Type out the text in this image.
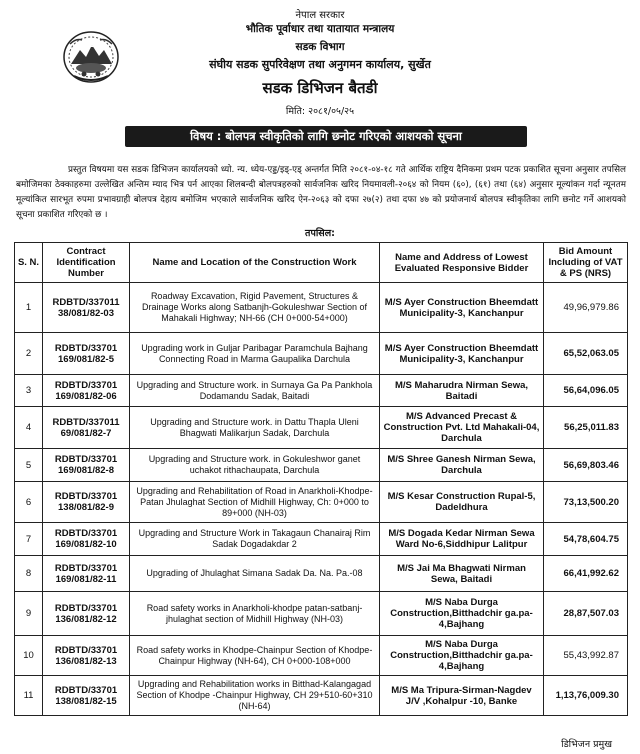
नेपाल सरकार
भौतिक पूर्वाधार तथा यातायात मन्त्रालय
सडक विभाग
संघीय सडक सुपरिवेक्षण तथा अनुगमन कार्यालय, सुर्खेत
सडक डिभिजन बैतडी
मिति: २०८१/०५/२५
विषय : बोलपत्र स्वीकृतिको लागि छनोट गरिएको आशयको सूचना

प्रस्तुत विषयमा यस सडक डिभिजन कार्यालयको ध्यो. न्य. ध्येय-एड्ड/इड्-एड् अन्तर्गत मिति २०८१-०४-१८ गते आर्थिक राष्ट्रिय दैनिकमा प्रथम पटक प्रकाशित सूचना अनुसार तपसिल बमोजिमका ठेक्काहरुमा उल्लेखित अन्तिम म्याद भित्र पर्न आएका शिलबन्दी बोलपत्रहरुको सार्वजनिक खरिद नियमावली-२०६४ को नियम (६०), (६१) तथा (६४) अनुसार मूल्यांकन गर्दा न्यूनतम मूल्यांकित सारभूत रुपमा प्रभावग्राही बोलपत्र देहाय बमोजिम भएकाले सार्वजनिक खरिद ऐन-२०६३ को दफा २७(२) तथा दफा ४७ को प्रयोजनार्थ बोलपत्र स्वीकृतिका लागि छनोट गर्ने आशयको सूचना प्रकाशित गरिएको छ ।

तपसिल:
S. N.	Contract Identification Number	Name and Location of the Construction Work	Name and Address of Lowest Evaluated Responsive Bidder	Bid Amount Including of VAT & PS (NRS)
1	RDBTD/337011 38/081/82-03	Roadway Excavation, Rigid Pavement, Structures & Drainage Works along Satbanjh-Gokuleshwar Section of Mahakali Highway; NH-66 (CH 0+000-54+000)	M/S Ayer Construction Bheemdatt Municipality-3, Kanchanpur	49,96,979.86
2	RDBTD/33701 169/081/82-5	Upgrading work in Guljar Paribagar Paramchula Bajhang Connecting Road in Marma Gaupalika Darchula	M/S Ayer Construction Bheemdatt Municipality-3, Kanchanpur	65,52,063.05
3	RDBTD/33701 169/081/82-06	Upgrading and Structure work. in Surnaya Ga Pa Pankhola Dodamandu Sadak, Baitadi	M/S Maharudra Nirman Sewa, Baitadi	56,64,096.05
4	RDBTD/337011 69/081/82-7	Upgrading and Structure work. in Dattu Thapla Uleni Bhagwati Malikarjun Sadak, Darchula	M/S Advanced Precast & Construction Pvt. Ltd Mahakali-04, Darchula	56,25,011.83
5	RDBTD/33701 169/081/82-8	Upgrading and Structure work. in Gokuleshwor ganet uchakot rithachaupata, Darchula	M/S Shree Ganesh Nirman Sewa, Darchula	56,69,803.46
6	RDBTD/33701 138/081/82-9	Upgrading and Rehabilitation of Road in Anarkholi-Khodpe-Patan Jhulaghat Section of Midhill Highway, Ch: 0+000 to 89+000 (NH-03)	M/S Kesar Construction Rupal-5, Dadeldhura	73,13,500.20
7	RDBTD/33701 169/081/82-10	Upgrading and Structure Work in Takagaun Chanairaj Rim Sadak Dogadakdar 2	M/S Dogada Kedar Nirman Sewa Ward No-6,Siddhipur Lalitpur	54,78,604.75
8	RDBTD/33701 169/081/82-11	Upgrading of Jhulaghat Simana Sadak Da. Na. Pa.-08	M/S Jai Ma Bhagwati Nirman Sewa, Baitadi	66,41,992.62
9	RDBTD/33701 136/081/82-12	Road safety works in Anarkholi-khodpe patan-satbanj-jhulaghat section of Midhill Highway (NH-03)	M/S Naba Durga Construction,Bitthadchir ga.pa-4,Bajhang	28,87,507.03
10	RDBTD/33701 136/081/82-13	Road safety works in Khodpe-Chainpur Section of Khodpe-Chainpur Highway (NH-64), CH 0+000-108+000	M/S Naba Durga Construction,Bitthadchir ga.pa-4,Bajhang	55,43,992.87
11	RDBTD/33701 138/081/82-15	Upgrading and Rehabilitation works in Bitthad-Kalangagad Section of Khodpe -Chainpur Highway, CH 29+510-60+310 (NH-64)	M/S Ma Tripura-Sirman-Nagdev J/V ,Kohalpur -10, Banke	1,13,76,009.30
डिभिजन प्रमुख
